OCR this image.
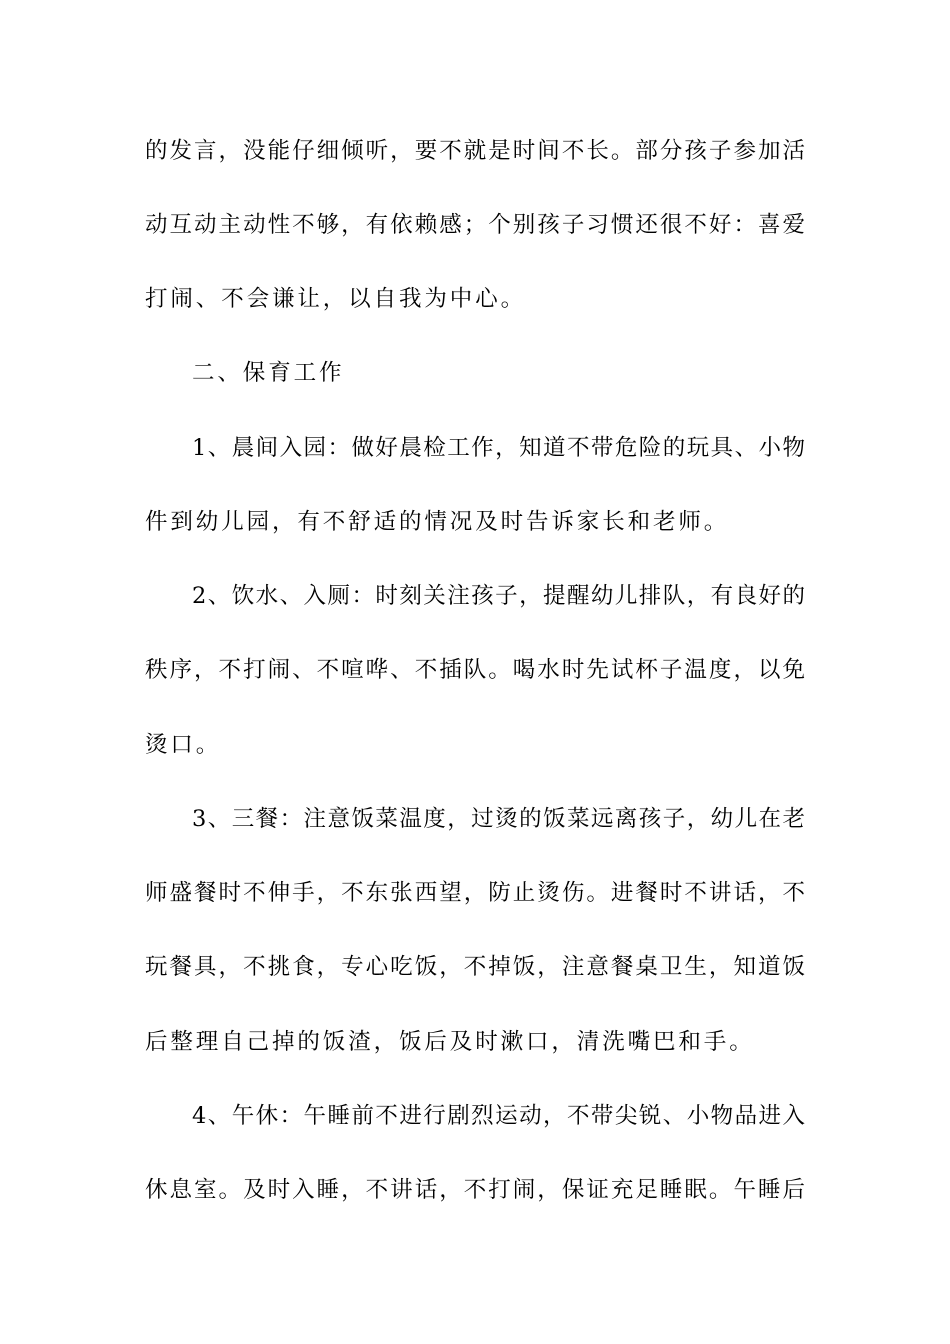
的发言，没能仔细倾听，要不就是时间不长。部分孩子参加活
动互动主动性不够，有依赖感；个别孩子习惯还很不好：喜爱
打闹、不会谦让，以自我为中心。
二、保育工作
1、晨间入园：做好晨检工作，知道不带危险的玩具、小物
件到幼儿园，有不舒适的情况及时告诉家长和老师。
2、饮水、入厕：时刻关注孩子，提醒幼儿排队，有良好的
秩序，不打闹、不喧哗、不插队。喝水时先试杯子温度，以免
烫口。
3、三餐：注意饭菜温度，过烫的饭菜远离孩子，幼儿在老
师盛餐时不伸手，不东张西望，防止烫伤。进餐时不讲话，不
玩餐具，不挑食，专心吃饭，不掉饭，注意餐桌卫生，知道饭
后整理自己掉的饭渣，饭后及时漱口，清洗嘴巴和手。
4、午休：午睡前不进行剧烈运动，不带尖锐、小物品进入
休息室。及时入睡，不讲话，不打闹，保证充足睡眠。午睡后
